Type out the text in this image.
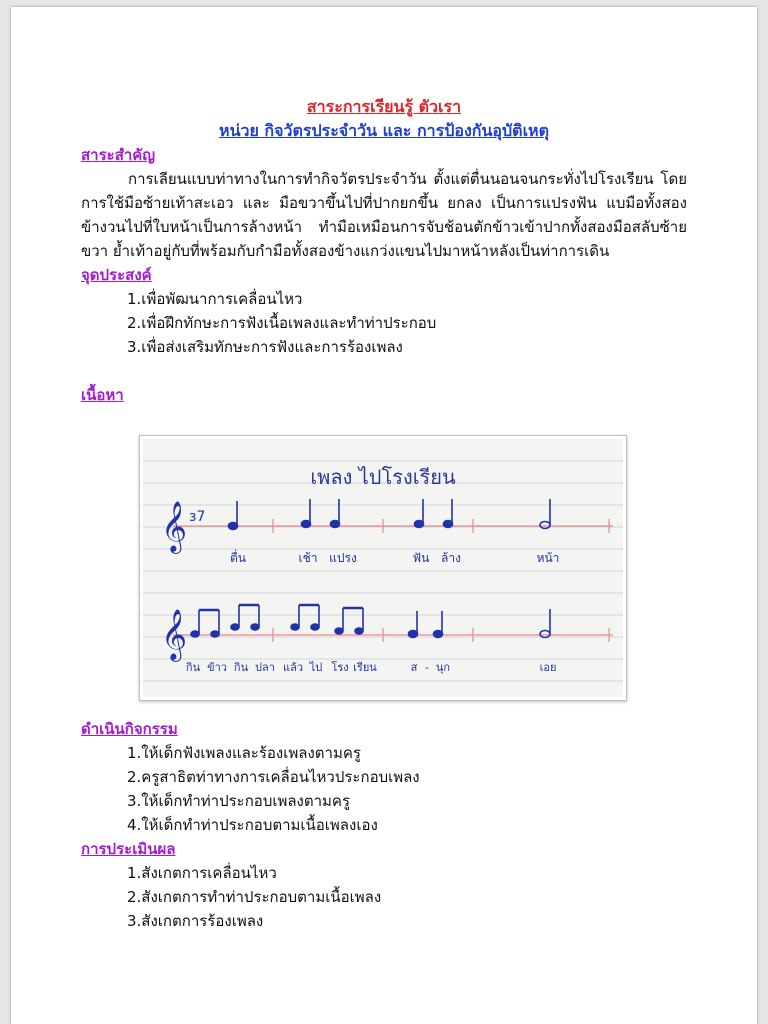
สาระการเรียนรู้ ตัวเรา

หน่วย กิจวัตรประจำวัน และ การป้องกันอุบัติเหตุ

สาระสำคัญ

การเลียนแบบท่าทางในการทำกิจวัตรประจำวัน ตั้งแต่ตื่นนอนจนกระทั่งไปโรงเรียน โดยการใช้มือซ้ายเท้าสะเอว และ มือขวาขึ้นไปที่ปากยกขึ้น ยกลง เป็นการแปรงฟัน แบมือทั้งสองข้างวนไปที่ใบหน้าเป็นการล้างหน้า ทำมือเหมือนการจับช้อนตักข้าวเข้าปากทั้งสองมือสลับซ้าย ขวา ย้ำเท้าอยู่กับที่พร้อมกับกำมือทั้งสองข้างแกว่งแขนไปมาหน้าหลังเป็นท่าการเดิน

จุดประสงค์

1.เพื่อพัฒนาการเคลื่อนไหว
2.เพื่อฝึกทักษะการฟังเนื้อเพลงและทำท่าประกอบ
3.เพื่อส่งเสริมทักษะการฟังและการร้องเพลง

เนื้อหา

𝄞
𝄞
ɜ7
เพลง ไปโรงเรียน
ตื่น	เช้า แปรง	ฟัน ล้าง	หน้า
กิน ข้าว กิน ปลา แล้ว ไป โรง เรียน	ส - นุก	เอย

ดำเนินกิจกรรม

1.ให้เด็กฟังเพลงและร้องเพลงตามครู
2.ครูสาธิตท่าทางการเคลื่อนไหวประกอบเพลง
3.ให้เด็กทำท่าประกอบเพลงตามครู
4.ให้เด็กทำท่าประกอบตามเนื้อเพลงเอง

การประเมินผล

1.สังเกตการเคลื่อนไหว
2.สังเกตการทำท่าประกอบตามเนื้อเพลง
3.สังเกตการร้องเพลง
